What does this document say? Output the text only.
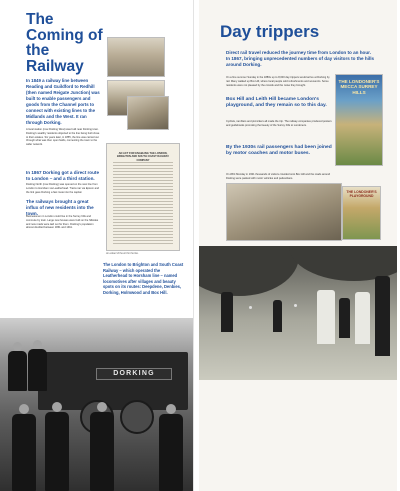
The Coming of the Railway

In 1849 a railway line between Reading and Guildford to Redhill (then named Reigate Junction) was built to enable passengers and goods from the Channel ports to connect with existing lines to the Midlands and the West. It ran through Dorking.

A local station (now Dorking West) was built near Dorking town. Dorking's wealthy residents objected to the line being built close to their estates. Six years later, in 1855, the line was carried out through what was then open fields, connecting the town to the wider network.

In 1867 Dorking got a direct route to London – and a third station.

Dorking North (now Dorking) was opened on the new line from London to Horsham via Leatherhead. Trains ran via Epsom and the link gave Dorking a fast route into the capital.

The railways brought a great influx of new residents into the town.

Businessmen in London could live in the Surrey hills and commute by train. Large new houses were built on the hillsides and new roads were laid out for them. Dorking's population almost doubled between 1861 and 1911.

AN ACT FOR ENABLING THE LONDON, BRIGHTON AND SOUTH COAST RAILWAY COMPANY

An extract of the Act for the line.

The London to Brighton and South Coast Railway – which operated the Leatherhead to Horsham line – named locomotives after villages and beauty spots on its routes: Deepdene, Denbies, Dorking, Holmwood and Box Hill.

DORKING
Day trippers

Direct rail travel reduced the journey time from London to an hour. In 1867, bringing unprecedented numbers of day visitors to the hills around Dorking.

On a fine summer Sunday in the 1880s up to 8,000 day trippers would arrive at Dorking by rail. Many walked up Box Hill, where local people sold refreshments and souvenirs. Some residents were not pleased by the crowds and the noise they brought.

Box Hill and Leith Hill became London's playground, and they remain so to this day.

Cyclists, ramblers and picnickers all made the trip. The railway companies produced posters and guidebooks promoting the beauty of the Surrey hills to Londoners.

By the 1930s rail passengers had been joined by motor coaches and motor buses.

On Whit Monday in 1931 thousands of visitors crowded onto Box Hill and the roads around Dorking were packed with motor vehicles and pedestrians.

THE LONDONER'S MECCA SURREY HILLS
THE LONDONER'S PLAYGROUND
